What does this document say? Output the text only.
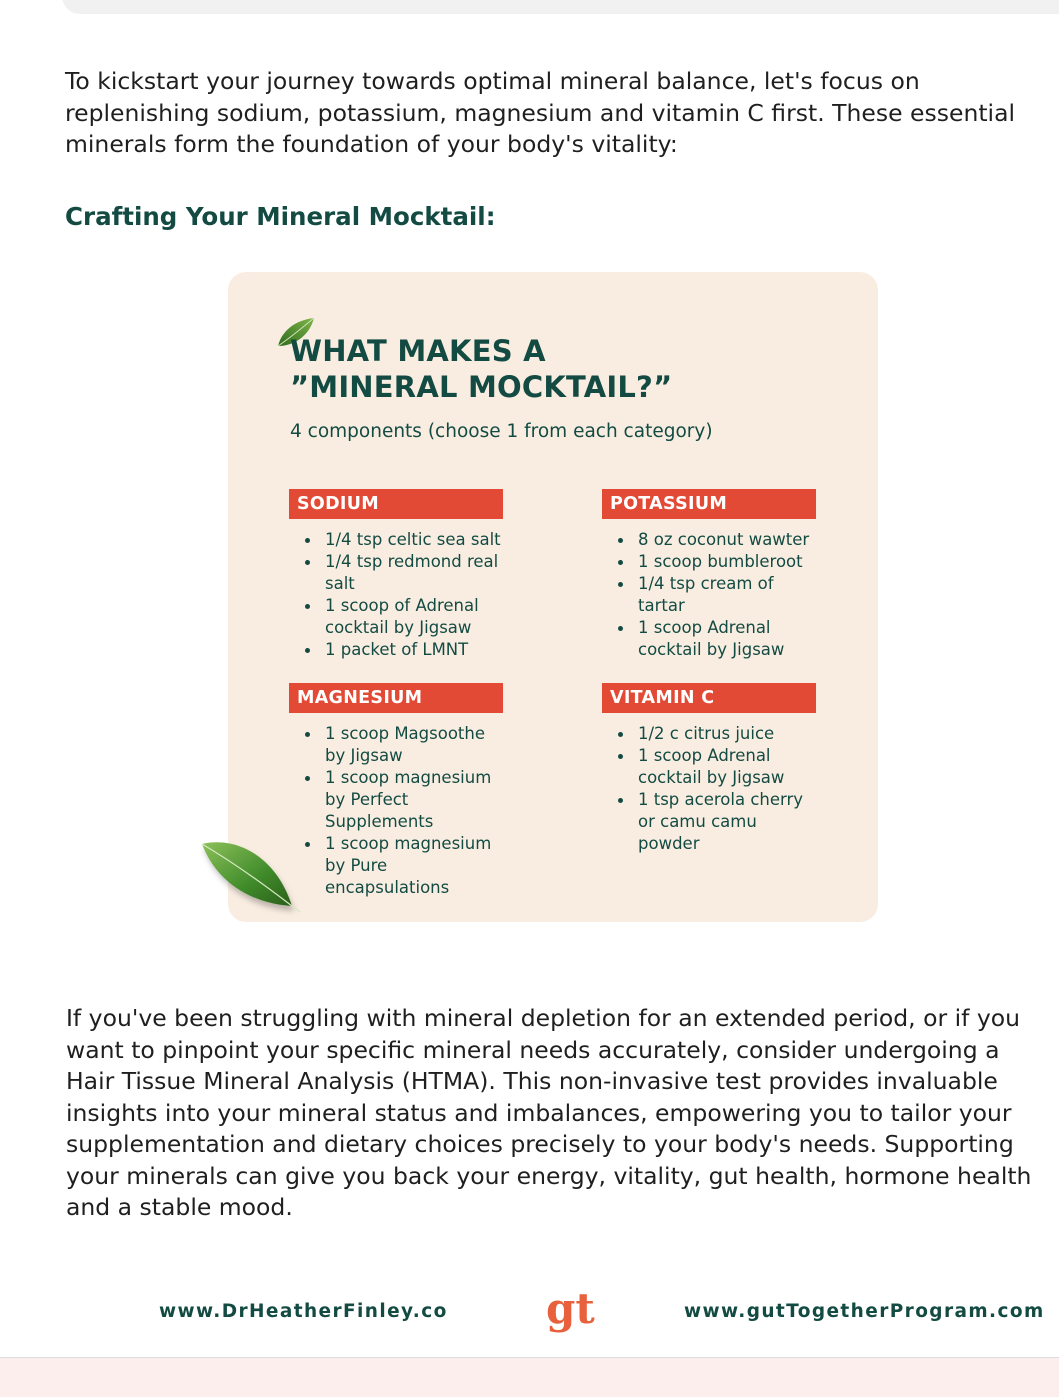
To kickstart your journey towards optimal mineral balance, let's focus on replenishing sodium, potassium, magnesium and vitamin C first. These essential minerals form the foundation of your body's vitality:

Crafting Your Mineral Mocktail:
WHAT MAKES A
”MINERAL MOCKTAIL?”
4 components (choose 1 from each category)
SODIUM
1/4 tsp celtic sea salt
1/4 tsp redmond real salt
1 scoop of Adrenal cocktail by Jigsaw
1 packet of LMNT
POTASSIUM
8 oz coconut wawter
1 scoop bumbleroot
1/4 tsp cream of tartar
1 scoop Adrenal cocktail by Jigsaw
MAGNESIUM
1 scoop Magsoothe by Jigsaw
1 scoop magnesium by Perfect Supplements
1 scoop magnesium by Pure encapsulations
VITAMIN C
1/2 c citrus juice
1 scoop Adrenal cocktail by Jigsaw
1 tsp acerola cherry or camu camu powder

If you've been struggling with mineral depletion for an extended period, or if you want to pinpoint your specific mineral needs accurately, consider undergoing a Hair Tissue Mineral Analysis (HTMA). This non-invasive test provides invaluable insights into your mineral status and imbalances, empowering you to tailor your supplementation and dietary choices precisely to your body's needs. Supporting your minerals can give you back your energy, vitality, gut health, hormone health and a stable mood.

www.DrHeatherFinley.co gt	www.gutTogetherProgram.com
